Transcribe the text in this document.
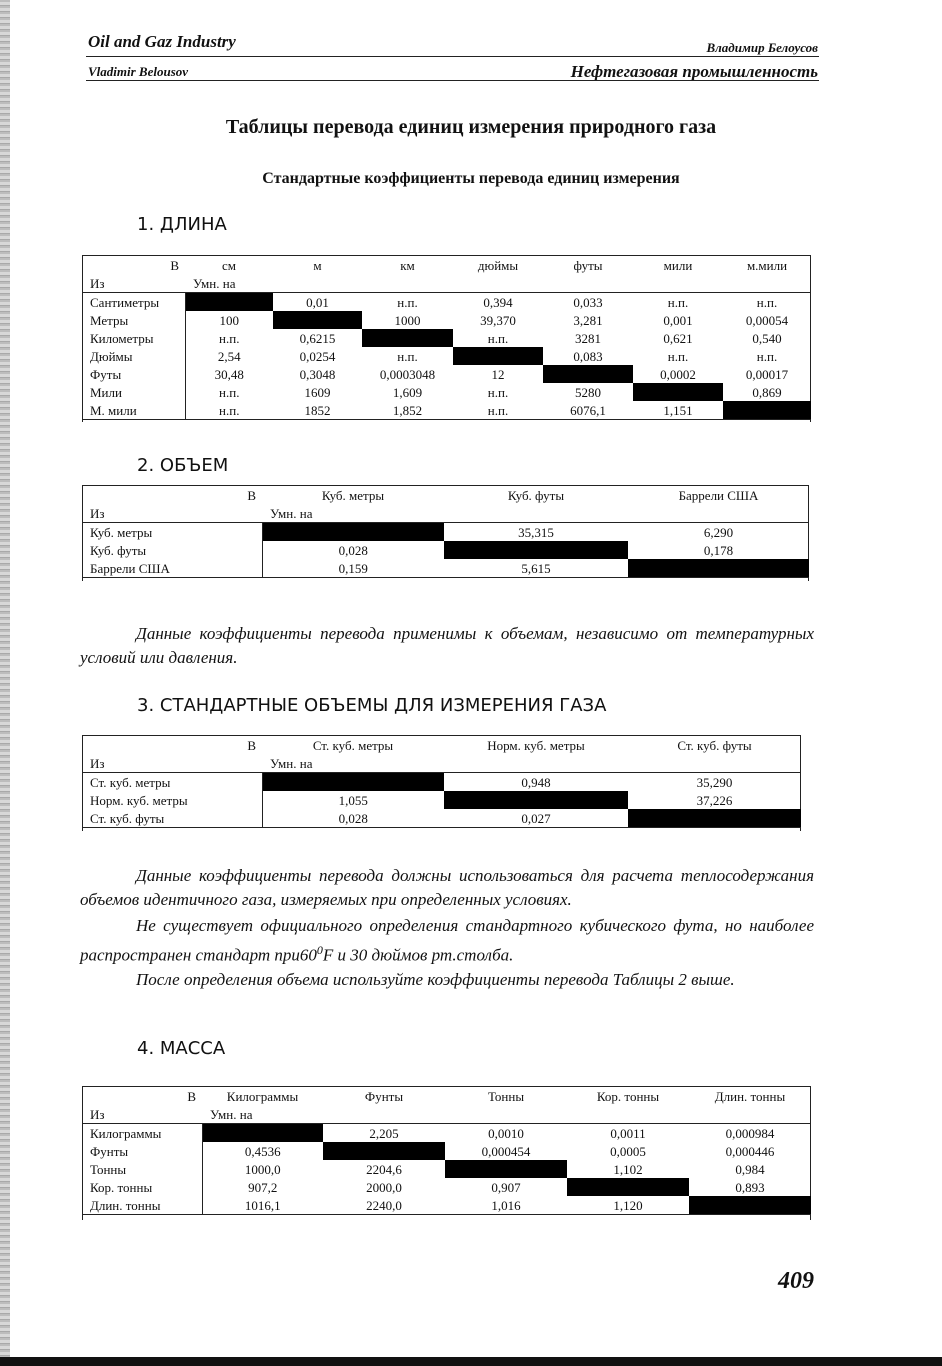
Oil and Gaz Industry	Владимир Белоусов
Vladimir Belousov	Нефтегазовая промышленность
Таблицы перевода единиц измерения природного газа
Стандартные коэффициенты перевода единиц измерения
1. ДЛИНА
В	см	м	км	дюймы	футы	мили	м.мили
Из	Умн. на						
Сантиметры		0,01	н.п.	0,394	0,033	н.п.	н.п.
Метры	100		1000	39,370	3,281	0,001	0,00054
Километры	н.п.	0,6215		н.п.	3281	0,621	0,540
Дюймы	2,54	0,0254	н.п.		0,083	н.п.	н.п.
Футы	30,48	0,3048	0,0003048	12		0,0002	0,00017
Мили	н.п.	1609	1,609	н.п.	5280		0,869
М. мили	н.п.	1852	1,852	н.п.	6076,1	1,151	
2. ОБЪЕМ
В	Куб. метры	Куб. футы	Баррели США
Из	Умн. на		
Куб. метры		35,315	6,290
Куб. футы	0,028		0,178
Баррели США	0,159	5,615	

Данные коэффициенты перевода применимы к объемам, независимо от температурных условий или давления.

3. СТАНДАРТНЫЕ ОБЪЕМЫ ДЛЯ ИЗМЕРЕНИЯ ГАЗА
В	Ст. куб. метры	Норм. куб. метры	Ст. куб. футы
Из	Умн. на		
Ст. куб. метры		0,948	35,290
Норм. куб. метры	1,055		37,226
Ст. куб. футы	0,028	0,027	

Данные коэффициенты перевода должны использоваться для расчета теплосодержания объемов идентичного газа, измеряемых при определенных условиях.

Не существует официального определения стандартного кубического фута, но наиболее распространен стандарт $при60^0F$ и 30 дюймов рт.столба.

После определения объема используйте коэффициенты перевода Таблицы 2 выше.

4. МАССА
В	Килограммы	Фунты	Тонны	Кор. тонны	Длин. тонны
Из	Умн. на				
Килограммы		2,205	0,0010	0,0011	0,000984
Фунты	0,4536		0,000454	0,0005	0,000446
Тонны	1000,0	2204,6		1,102	0,984
Кор. тонны	907,2	2000,0	0,907		0,893
Длин. тонны	1016,1	2240,0	1,016	1,120	
409
